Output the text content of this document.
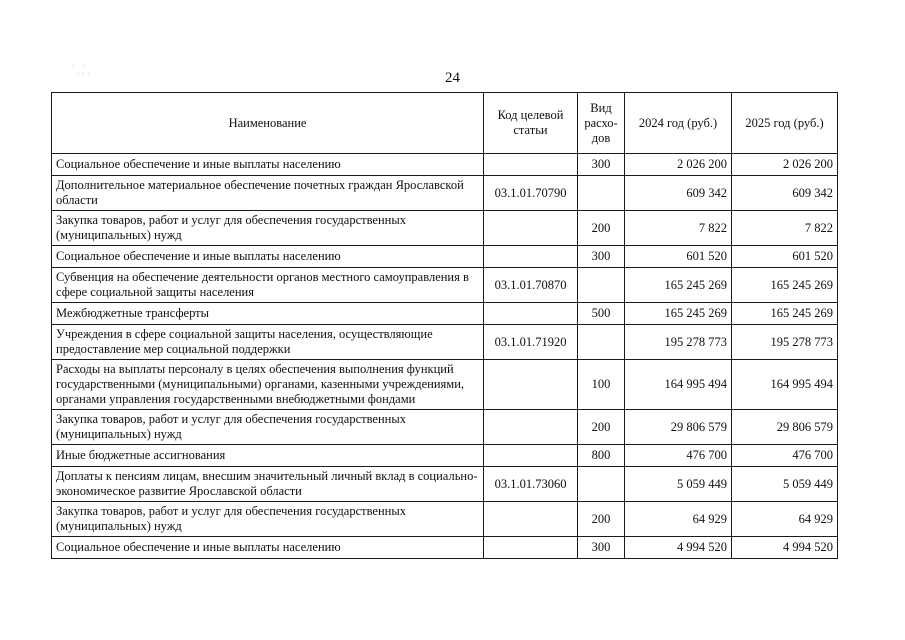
· ·
·:·	24
Наименование	Код целевой статьи	Вид расхо-дов	2024 год (руб.)	2025 год (руб.)
Социальное обеспечение и иные выплаты населению		300	2 026 200	2 026 200
Дополнительное материальное обеспечение почетных граждан Ярославской области	03.1.01.70790		609 342	609 342
Закупка товаров, работ и услуг для обеспечения государственных (муниципальных) нужд		200	7 822	7 822
Социальное обеспечение и иные выплаты населению		300	601 520	601 520
Субвенция на обеспечение деятельности органов местного самоуправления в сфере социальной защиты населения	03.1.01.70870		165 245 269	165 245 269
Межбюджетные трансферты		500	165 245 269	165 245 269
Учреждения в сфере социальной защиты населения, осуществляющие предоставление мер социальной поддержки	03.1.01.71920		195 278 773	195 278 773
Расходы на выплаты персоналу в целях обеспечения выполнения функций государственными (муниципальными) органами, казенными учреждениями, органами управления государственными внебюджетными фондами		100	164 995 494	164 995 494
Закупка товаров, работ и услуг для обеспечения государственных (муниципальных) нужд		200	29 806 579	29 806 579
Иные бюджетные ассигнования		800	476 700	476 700
Доплаты к пенсиям лицам, внесшим значительный личный вклад в социально-экономическое развитие Ярославской области	03.1.01.73060		5 059 449	5 059 449
Закупка товаров, работ и услуг для обеспечения государственных (муниципальных) нужд		200	64 929	64 929
Социальное обеспечение и иные выплаты населению		300	4 994 520	4 994 520
